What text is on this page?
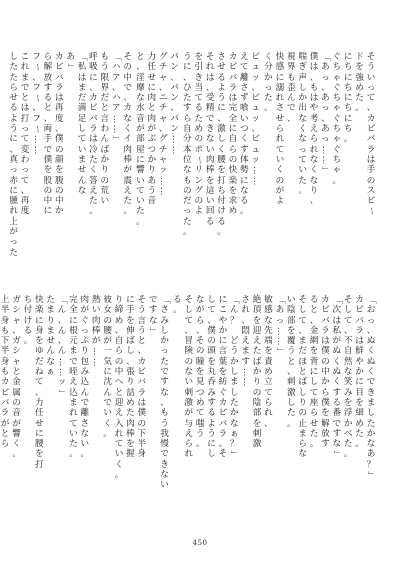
そ
う
い
っ
て
、
カ
ピ
バ
ラ
は
手
の
ス
ピ
ー
ド
を
強
め
た
。
に
ち
に
ち
に
ち
に
ち
。
ぐ
ち
ゃ
ぐ
ち
ゃ
ぐ
ち
ゃ
ぐ
ち
ゃ
。
「
あ
っ
、
あ
っ
、
あ
っ
…
…
」
僕
は
、
も
は
や
考
え
ら
れ
な
く
な
り
、
喘
ぎ
声
し
か
出
な
く
な
っ
て
い
た
。
視
界
も
歪
ん
で
、
快
感
に
溺
れ
さ
せ
ら
れ
て
い
く
の
が
よ
く
分
か
っ
た
。
ピ
ュ
ッ
、
ピ
ュ
ッ
、
ピ
ュ
ッ
…
…
え
て
離
さ
ず
喰
い
つ
く
す
体
勢
に
な
る
。
カ
ピ
バ
ラ
は
完
全
に
自
ら
の
快
楽
を
求
め
さ
せ
る
よ
う
に
、
激
し
く
腰
を
打
ち
付
け
る
。
そ
れ
は
、
受
精
で
き
な
い
肉
棒
を
這
い
回
る
を
引
き
当
て
る
た
め
の
ポ
ー
リ
ン
グ
の
よ
う
に
、
ひ
た
す
ら
自
分
本
位
な
も
の
だ
っ
た
。
パ
ン
、
パ
ン
、
パ
ン
…
…
グ
チ
ャ
、
ニ
チ
ャ
、
グ
チ
ャ
ッ
…
…
力
任
せ
に
肉
と
肉
が
ぶ
つ
か
り
あ
う
音
と
、
淫
靡
な
水
音
が
部
屋
に
響
い
て
い
た
。
そ
の
中
で
、
カ
な
く
イ
肉
棒
が
震
え
た
。
「
ハ
ア
、
ハ
ア
…
…
」
も
う
限
界
だ
と
言
わ
ん
ば
か
り
の
荒
い
呼
吸
に
、
カ
ピ
バ
ラ
は
冷
た
く
答
え
た
。
「
私
は
ま
だ
満
足
し
て
い
ま
せ
ん
な
あ
」
カ
ピ
バ
ラ
は
再
度
、
僕
の
顔
を
腹
の
中
か
ら
解
放
す
る
と
、
両
手
で
僕
を
股
の
中
に
フ
ー
、
フ
ー
、
フ
ー
…
…
こ
れ
ま
で
と
は
打
っ
て
変
わ
っ
て
、
再
度
し
た
た
ら
せ
る
よ
う
に
、
真
っ
赤
に
腫
れ
上
が
っ
た
「
お
っ
、
ぬ
く
ぬ
く
で
き
ま
し
た
か
な
あ
？
」
カ
ピ
バ
ラ
は
鮮
や
か
に
目
を
細
め
た
。
そ
し
て
、
不
自
然
な
笑
み
を
浮
か
べ
た
。
「
次
は
私
が
ぬ
く
ぬ
く
す
る
番
で
す
な
」
カ
ピ
バ
ラ
は
僕
の
中
か
ら
僕
を
解
放
す
る
と
、
金
網
を
背
に
し
て
座
ら
せ
た
。
そ
し
て
、
ま
だ
ほ
と
ば
し
り
の
止
ま
ら
な
い
陰
部
を
覆
う
と
、
刺
激
し
た
。
「
あ
っ
…
…
」
敏
感
な
先
端
を
責
め
立
て
ら
れ
、
絶
頂
を
迎
え
た
ば
か
り
の
陰
部
を
刺
激
さ
れ
、
悶
え
ま
す
…
…
「
ん
？

ど
う
か
し
ま
し
た
か
な
ぁ
？
」
に
こ
や
か
に
言
葉
を
紡
ぐ
カ
ピ
バ
ラ
。
そ
し
て
、
僕
の
頭
を
丸
呑
み
す
る
よ
う
に
し
な
が
ら
、
そ
の
瞳
を
見
つ
め
て
嗤
う
。
そ
し
て
、
冒
険
の
な
い
刺
激
が
与
え
ら
れ
る
。
「
さ
み
し
か
っ
た
で
す
な
、
も
う
我
慢
で
き
な
い
で
す
な
」
そ
う
言
う
と
、
カ
ピ
バ
ラ
は
僕
の
下
半
身
に
手
を
伸
ば
し
、
張
り
詰
め
た
肉
棒
を
握
り
締
め
、
自
ら
の
中
へ
と
迎
え
入
れ
て
い
く
。
彼
女
の
腰
が
一
気
に
沈
ん
で
い
く
。
熱
い
肉
棒
が
…
…
肉
が
ぐ
っ
ぷ
り
包
み
込
ん
で
離
さ
な
い
。
完
全
に
根
元
ま
で
咥
え
込
ま
れ
て
い
た
。
「
ん
、
ん
、
ん
…
…
ッ
」
た
ま
り
ま
せ
ん
な
ぁ
快
楽
に
身
を
ゆ
だ
ね
て
、
力
任
せ
に
腰
を
打
ち
付
け
る
。
ガ
シ
ャ
、
ガ
シ
ャ
と
金
属
の
音
が
響
く
。
上
半
身
も
下
半
身
も
カ
ピ
バ
ラ
が
と
ら
450
